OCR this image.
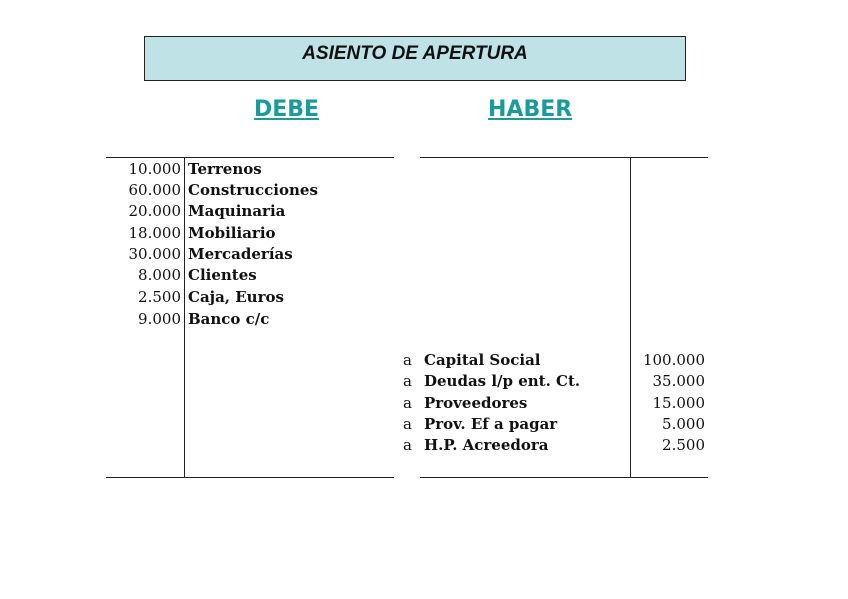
ASIENTO DE APERTURA
DEBE	HABER
10.000 Terrenos
60.000 Construcciones
20.000 Maquinaria
18.000 Mobiliario
30.000 Mercaderías
8.000 Clientes
2.500 Caja, Euros
9.000 Banco c/c
a Capital Social	100.000
a Deudas l/p ent. Ct.	35.000
a Proveedores	15.000
a Prov. Ef a pagar	5.000
a H.P. Acreedora	2.500
